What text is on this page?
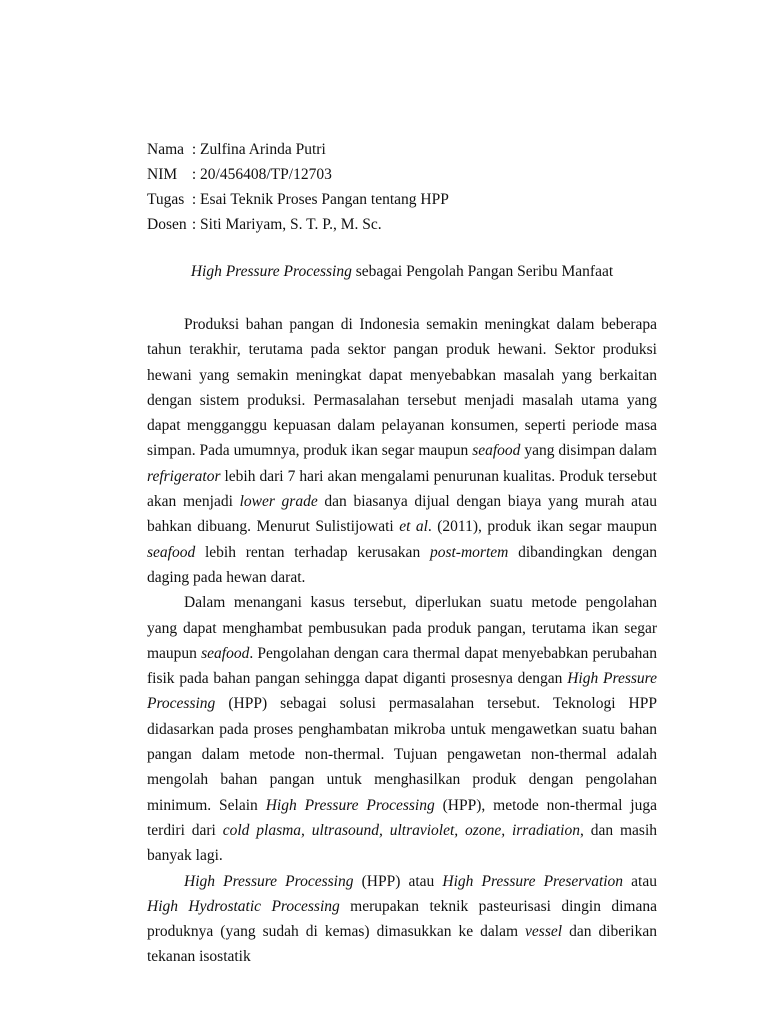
Nama : Zulfina Arinda Putri
NIM : 20/456408/TP/12703
Tugas : Esai Teknik Proses Pangan tentang HPP
Dosen : Siti Mariyam, S. T. P., M. Sc.
High Pressure Processing sebagai Pengolah Pangan Seribu Manfaat

Produksi bahan pangan di Indonesia semakin meningkat dalam beberapa tahun terakhir, terutama pada sektor pangan produk hewani. Sektor produksi hewani yang semakin meningkat dapat menyebabkan masalah yang berkaitan dengan sistem produksi. Permasalahan tersebut menjadi masalah utama yang dapat mengganggu kepuasan dalam pelayanan konsumen, seperti periode masa simpan. Pada umumnya, produk ikan segar maupun seafood yang disimpan dalam refrigerator lebih dari 7 hari akan mengalami penurunan kualitas. Produk tersebut akan menjadi lower grade dan biasanya dijual dengan biaya yang murah atau bahkan dibuang. Menurut Sulistijowati et al. (2011), produk ikan segar maupun seafood lebih rentan terhadap kerusakan post-mortem dibandingkan dengan daging pada hewan darat.

Dalam menangani kasus tersebut, diperlukan suatu metode pengolahan yang dapat menghambat pembusukan pada produk pangan, terutama ikan segar maupun seafood. Pengolahan dengan cara thermal dapat menyebabkan perubahan fisik pada bahan pangan sehingga dapat diganti prosesnya dengan High Pressure Processing (HPP) sebagai solusi permasalahan tersebut. Teknologi HPP didasarkan pada proses penghambatan mikroba untuk mengawetkan suatu bahan pangan dalam metode non-thermal. Tujuan pengawetan non-thermal adalah mengolah bahan pangan untuk menghasilkan produk dengan pengolahan minimum. Selain High Pressure Processing (HPP), metode non-thermal juga terdiri dari cold plasma, ultrasound, ultraviolet, ozone, irradiation, dan masih banyak lagi.

High Pressure Processing (HPP) atau High Pressure Preservation atau High Hydrostatic Processing merupakan teknik pasteurisasi dingin dimana produknya (yang sudah di kemas) dimasukkan ke dalam vessel dan diberikan tekanan isostatik
